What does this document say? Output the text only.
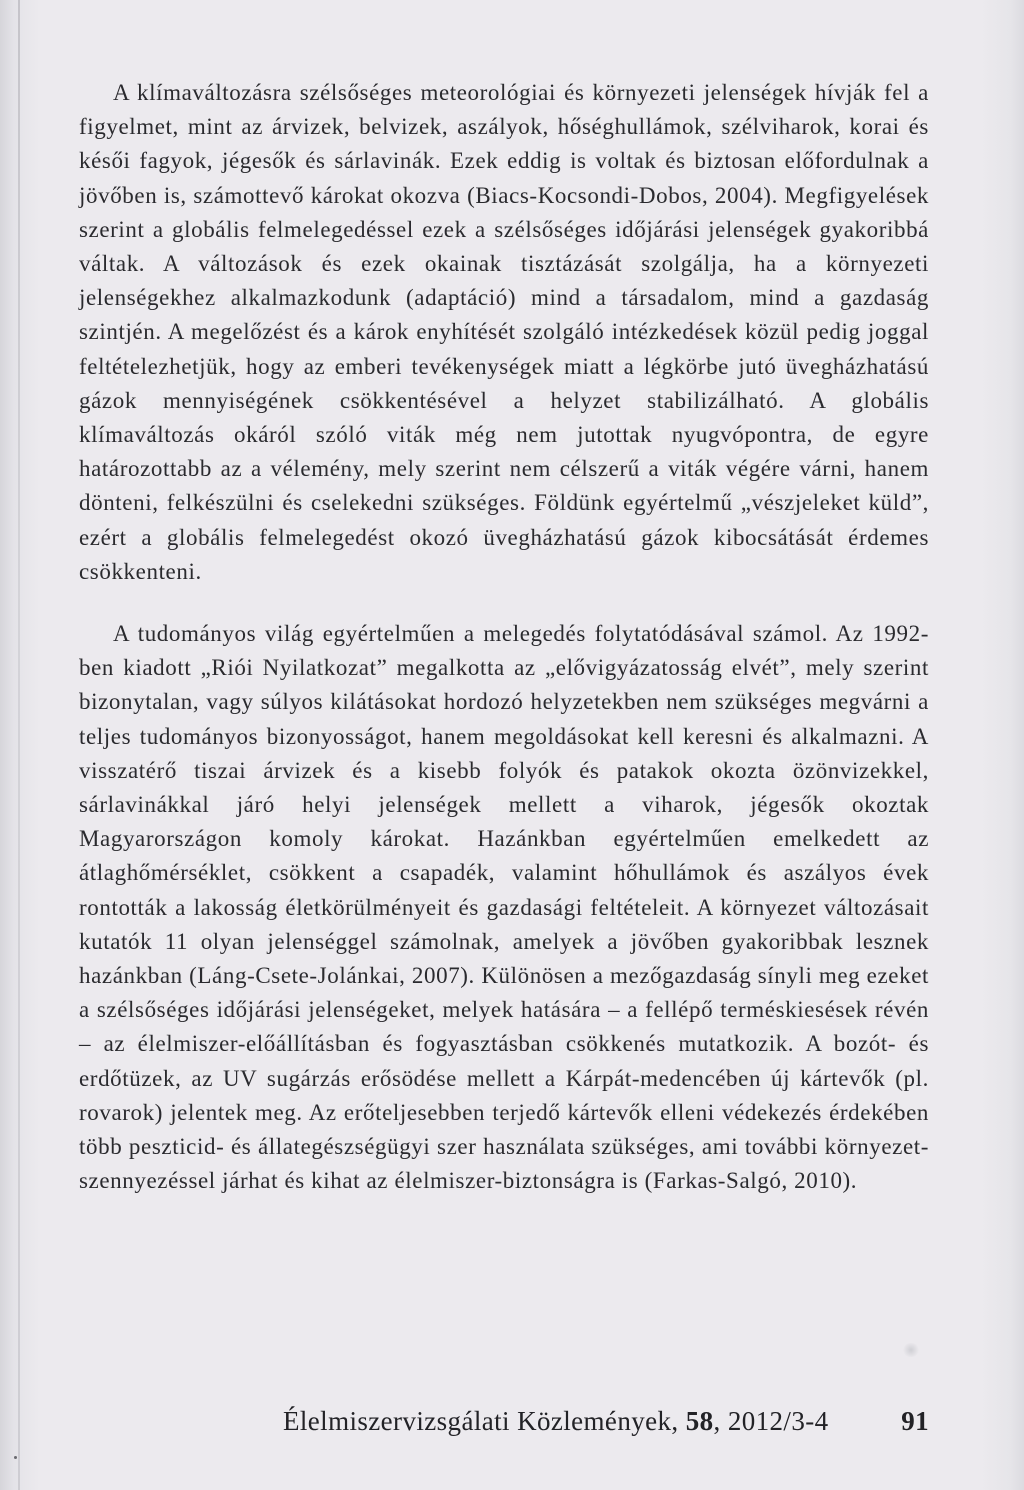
A klímaváltozásra szélsőséges meteorológiai és környezeti jelenségek hívják fel a figyelmet, mint az árvizek, belvizek, aszályok, hőséghullámok, szélviharok, korai és késői fagyok, jégesők és sárlavinák. Ezek eddig is voltak és biztosan előfordulnak a jövőben is, számottevő károkat okozva (Biacs-Kocsondi-Dobos, 2004). Megfigyelések szerint a globális felmelegedéssel ezek a szélsőséges időjárási jelenségek gyakoribbá váltak. A változások és ezek okainak tisztázását szolgálja, ha a környezeti jelenségekhez alkalmazkodunk (adaptáció) mind a társadalom, mind a gazdaság szintjén. A megelőzést és a károk enyhítését szolgáló intézkedések közül pedig joggal feltételezhetjük, hogy az emberi tevékenységek miatt a légkörbe jutó üvegházhatású gázok mennyiségének csökkentésével a helyzet stabilizálható. A globális klímaváltozás okáról szóló viták még nem jutottak nyugvópontra, de egyre határozottabb az a vélemény, mely szerint nem célszerű a viták végére várni, hanem dönteni, felkészülni és cselekedni szükséges. Földünk egyértelmű „vészjeleket küld”, ezért a globális felmelegedést okozó üvegházhatású gázok kibocsátását érdemes csökkenteni.

A tudományos világ egyértelműen a melegedés folytatódásával számol. Az 1992-ben kiadott „Riói Nyilatkozat” megalkotta az „elővigyázatosság elvét”, mely szerint bizonytalan, vagy súlyos kilátásokat hordozó helyzetekben nem szükséges megvárni a teljes tudományos bizonyosságot, hanem megoldásokat kell keresni és alkalmazni. A visszatérő tiszai árvizek és a kisebb folyók és patakok okozta özönvizekkel, sárlavinákkal járó helyi jelenségek mellett a viharok, jégesők okoztak Magyarországon komoly károkat. Hazánkban egyértelműen emelkedett az átlaghőmérséklet, csökkent a csapadék, valamint hőhullámok és aszályos évek rontották a lakosság életkörülményeit és gazdasági feltételeit. A környezet változásait kutatók 11 olyan jelenséggel számolnak, amelyek a jövőben gyakoribbak lesznek hazánkban (Láng-Csete-Jolánkai, 2007). Különösen a mezőgazdaság sínyli meg ezeket a szélsőséges időjárási jelenségeket, melyek hatására – a fellépő terméskiesések révén – az élelmiszer-előállításban és fogyasztásban csökkenés mutatkozik. A bozót- és erdőtüzek, az UV sugárzás erősödése mellett a Kárpát-medencében új kártevők (pl. rovarok) jelentek meg. Az erőteljesebben terjedő kártevők elleni védekezés érdekében több peszticid- és állategészségügyi szer használata szükséges, ami további környezet-szennyezéssel járhat és kihat az élelmiszer-biztonságra is (Farkas-Salgó, 2010).

Élelmiszervizsgálati Közlemények, 58, 2012/3-4	91
